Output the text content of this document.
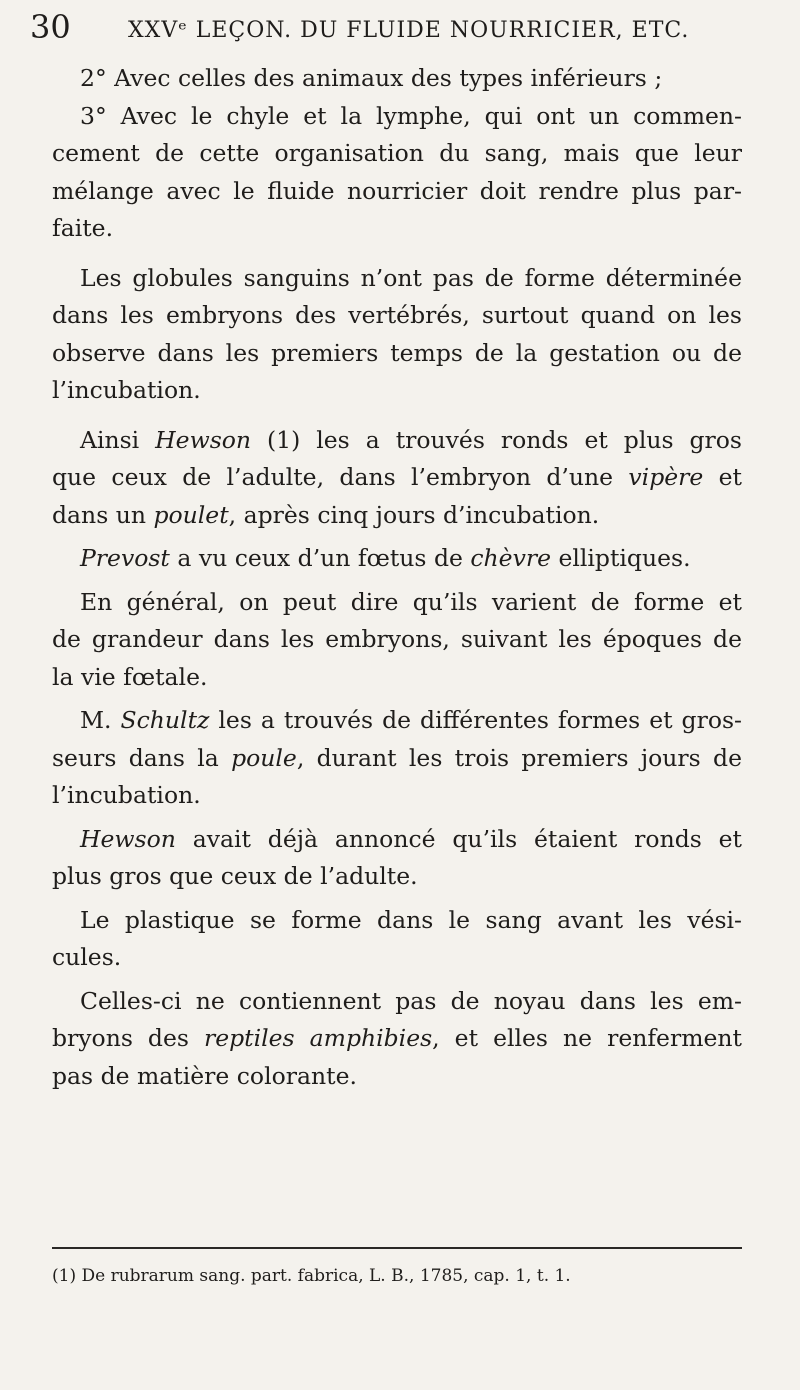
30	XXVᵉ LEÇON. DU FLUIDE NOURRICIER, ETC.
2° Avec celles des animaux des types inférieurs ;
3° Avec le chyle et la lymphe, qui ont un commen-
cement de cette organisation du sang, mais que leur
mélange avec le fluide nourricier doit rendre plus par-
faite.
Les globules sanguins n’ont pas de forme déterminée
dans les embryons des vertébrés, surtout quand on les
observe dans les premiers temps de la gestation ou de
l’incubation.
Ainsi Hewson (1) les a trouvés ronds et plus gros
que ceux de l’adulte, dans l’embryon d’une vipère et
dans un poulet, après cinq jours d’incubation.
Prevost a vu ceux d’un fœtus de chèvre elliptiques.
En général, on peut dire qu’ils varient de forme et
de grandeur dans les embryons, suivant les époques de
la vie fœtale.
M. Schultz les a trouvés de différentes formes et gros-
seurs dans la poule, durant les trois premiers jours de
l’incubation.
Hewson avait déjà annoncé qu’ils étaient ronds et
plus gros que ceux de l’adulte.
Le plastique se forme dans le sang avant les vési-
cules.
Celles-ci ne contiennent pas de noyau dans les em-
bryons des reptiles amphibies, et elles ne renferment
pas de matière colorante.
(1) De rubrarum sang. part. fabrica, L. B., 1785, cap. 1, t. 1.
